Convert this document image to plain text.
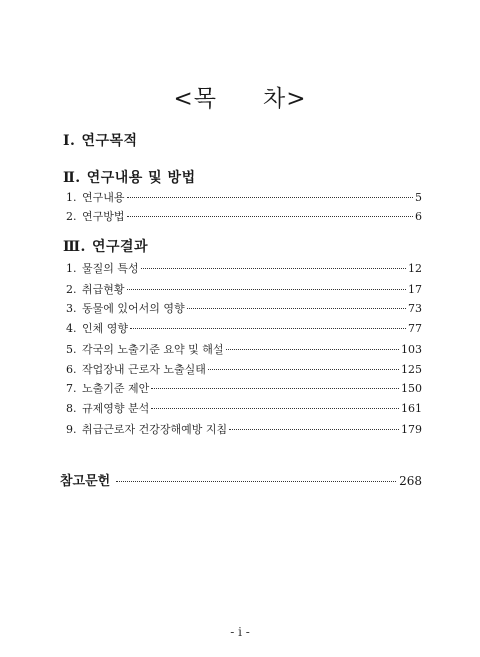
<목 차>
Ⅰ. 연구목적
Ⅱ. 연구내용 및 방법
1. 연구내용	5
2. 연구방법	6
Ⅲ. 연구결과
1. 물질의 특성	12
2. 취급현황	17
3. 동물에 있어서의 영향	73
4. 인체 영향	77
5. 각국의 노출기준 요약 및 해설	103
6. 작업장내 근로자 노출실태	125
7. 노출기준 제안	150
8. 규제영향 분석	161
9. 취급근로자 건강장해예방 지침	179
참고문헌	268
- i -
